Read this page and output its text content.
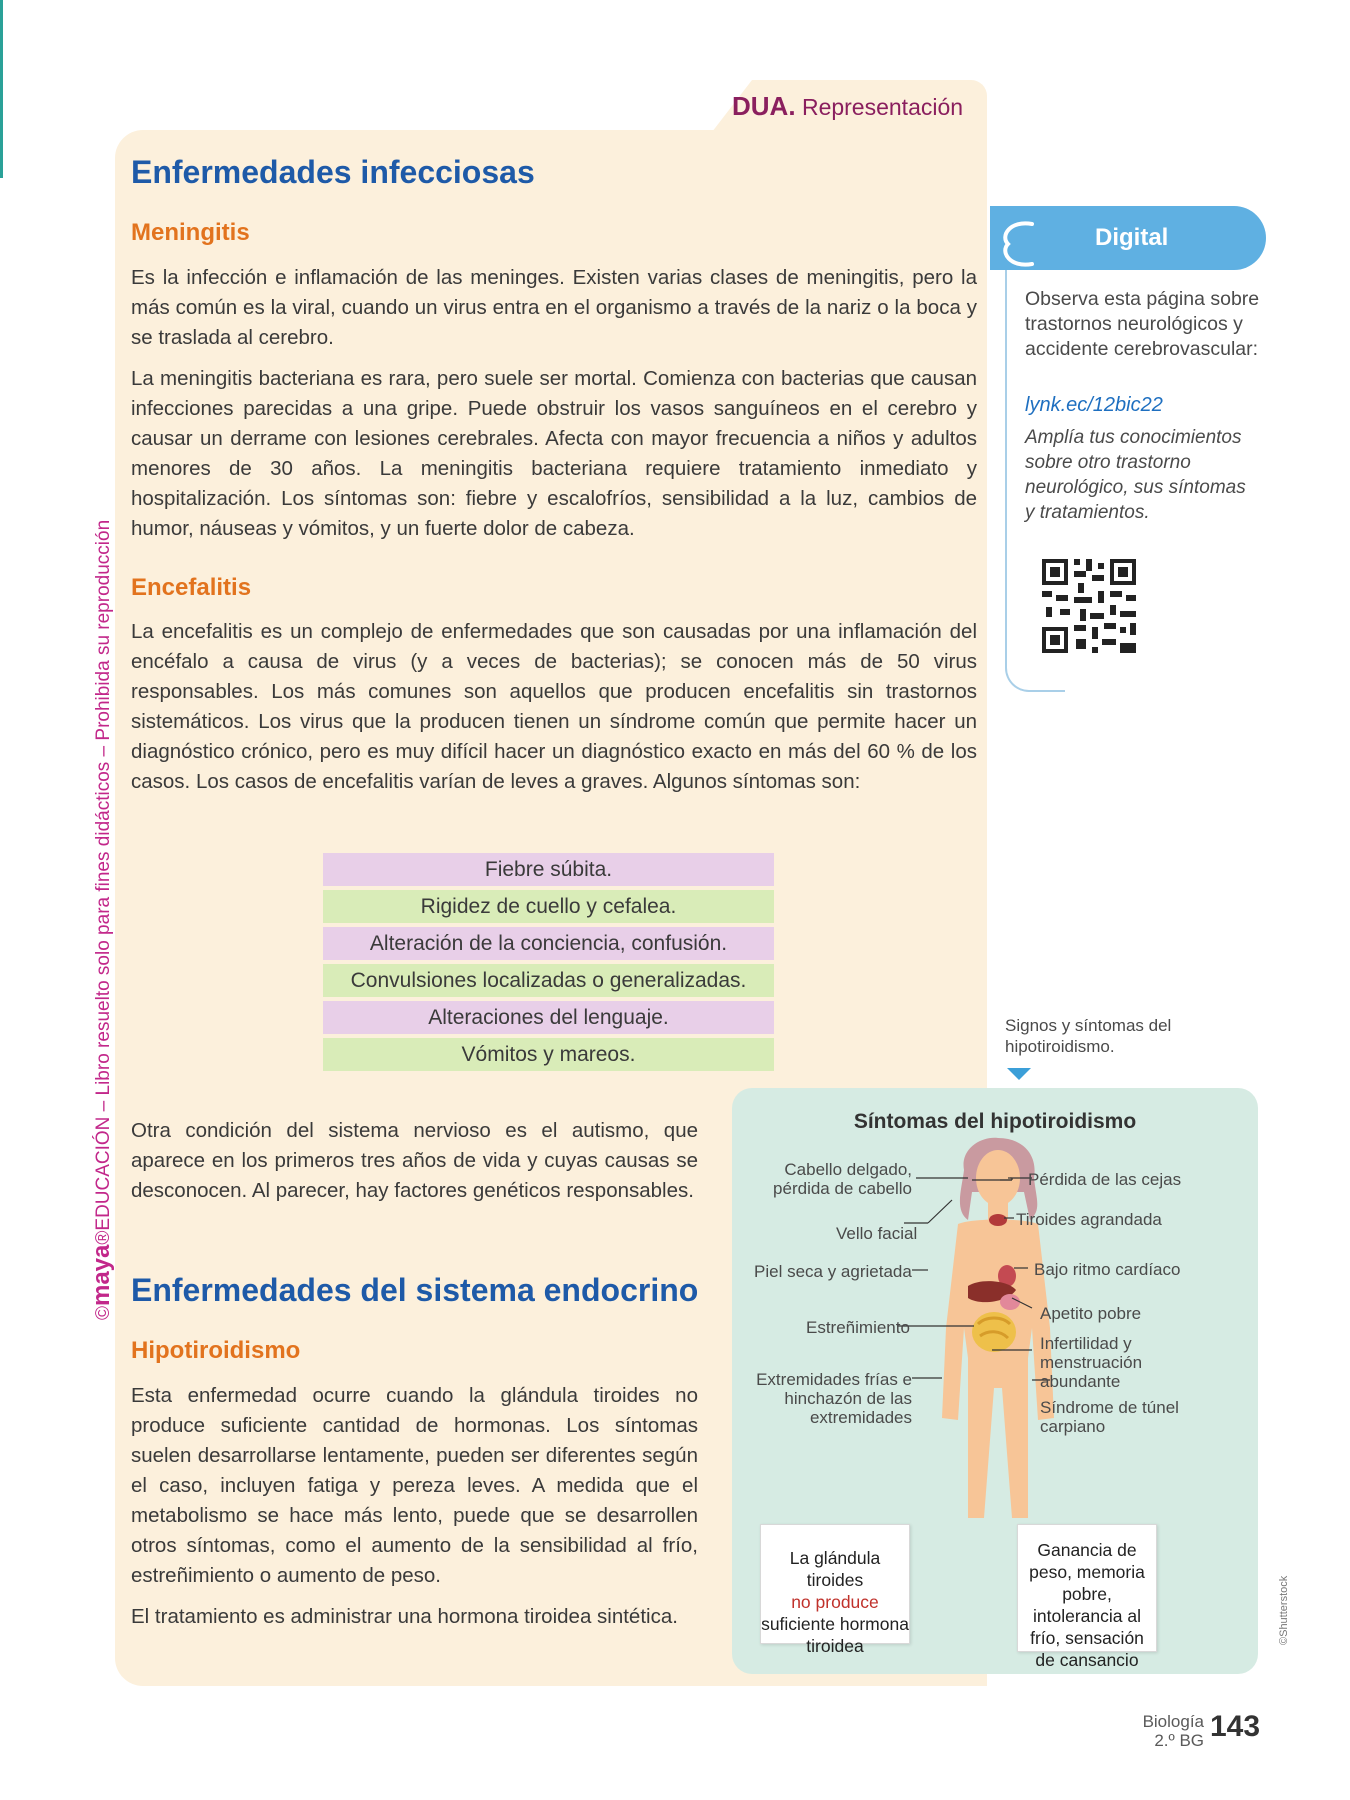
DUA. Representación
Enfermedades infecciosas
Meningitis

Es la infección e inflamación de las meninges. Existen varias clases de meningitis, pero la más común es la viral, cuando un virus entra en el organismo a través de la nariz o la boca y se traslada al cerebro.

La meningitis bacteriana es rara, pero suele ser mortal. Comienza con bacterias que causan infecciones parecidas a una gripe. Puede obstruir los vasos sanguíneos en el cerebro y causar un derrame con lesiones cerebrales. Afecta con mayor frecuencia a niños y adultos menores de 30 años. La meningitis bacteriana requiere tratamiento inmediato y hospitalización. Los síntomas son: fiebre y escalofríos, sensibilidad a la luz, cambios de humor, náuseas y vómitos, y un fuerte dolor de cabeza.

Encefalitis

La encefalitis es un complejo de enfermedades que son causadas por una inflamación del encéfalo a causa de virus (y a veces de bacterias); se conocen más de 50 virus responsables. Los más comunes son aquellos que producen encefalitis sin trastornos sistemáticos. Los virus que la producen tienen un síndrome común que permite hacer un diagnóstico crónico, pero es muy difícil hacer un diagnóstico exacto en más del 60 % de los casos. Los casos de encefalitis varían de leves a graves. Algunos síntomas son:

Fiebre súbita.
Rigidez de cuello y cefalea.
Alteración de la conciencia, confusión.
Convulsiones localizadas o generalizadas.
Alteraciones del lenguaje.
Vómitos y mareos.

Otra condición del sistema nervioso es el autismo, que aparece en los primeros tres años de vida y cuyas causas se desconocen. Al parecer, hay factores genéticos responsables.

Enfermedades del sistema endocrino
Hipotiroidismo

Esta enfermedad ocurre cuando la glándula tiroides no produce suficiente cantidad de hormonas. Los síntomas suelen desarrollarse lentamente, pueden ser diferentes según el caso, incluyen fatiga y pereza leves. A medida que el metabolismo se hace más lento, puede que se desarrollen otros síntomas, como el aumento de la sensibilidad al frío, estreñimiento o aumento de peso.

El tratamiento es administrar una hormona tiroidea sintética.

Digital
Observa esta página sobre trastornos neurológicos y accidente cerebrovascular:
lynk.ec/12bic22
Amplía tus conocimientos sobre otro trastorno neurológico, sus síntomas y tratamientos.
©maya®EDUCACIÓN – Libro resuelto solo para fines didácticos – Prohibida su reproducción	Signos y síntomas del hipotiroidismo.
Síntomas del hipotiroidismo
Cabello delgado, pérdida de cabello	Pérdida de las cejas
Tiroides agrandada
Vello facial
Piel seca y agrietada	Bajo ritmo cardíaco
Apetito pobre
Estreñimiento
Infertilidad y menstruación abundante
Extremidades frías e hinchazón de las extremidades
Síndrome de túnel carpiano
La glándula tiroides
no produce
suficiente hormona tiroidea
Ganancia de peso, memoria pobre, intolerancia al frío, sensación de cansancio
©Shutterstock
Biología
2.º BG 143
